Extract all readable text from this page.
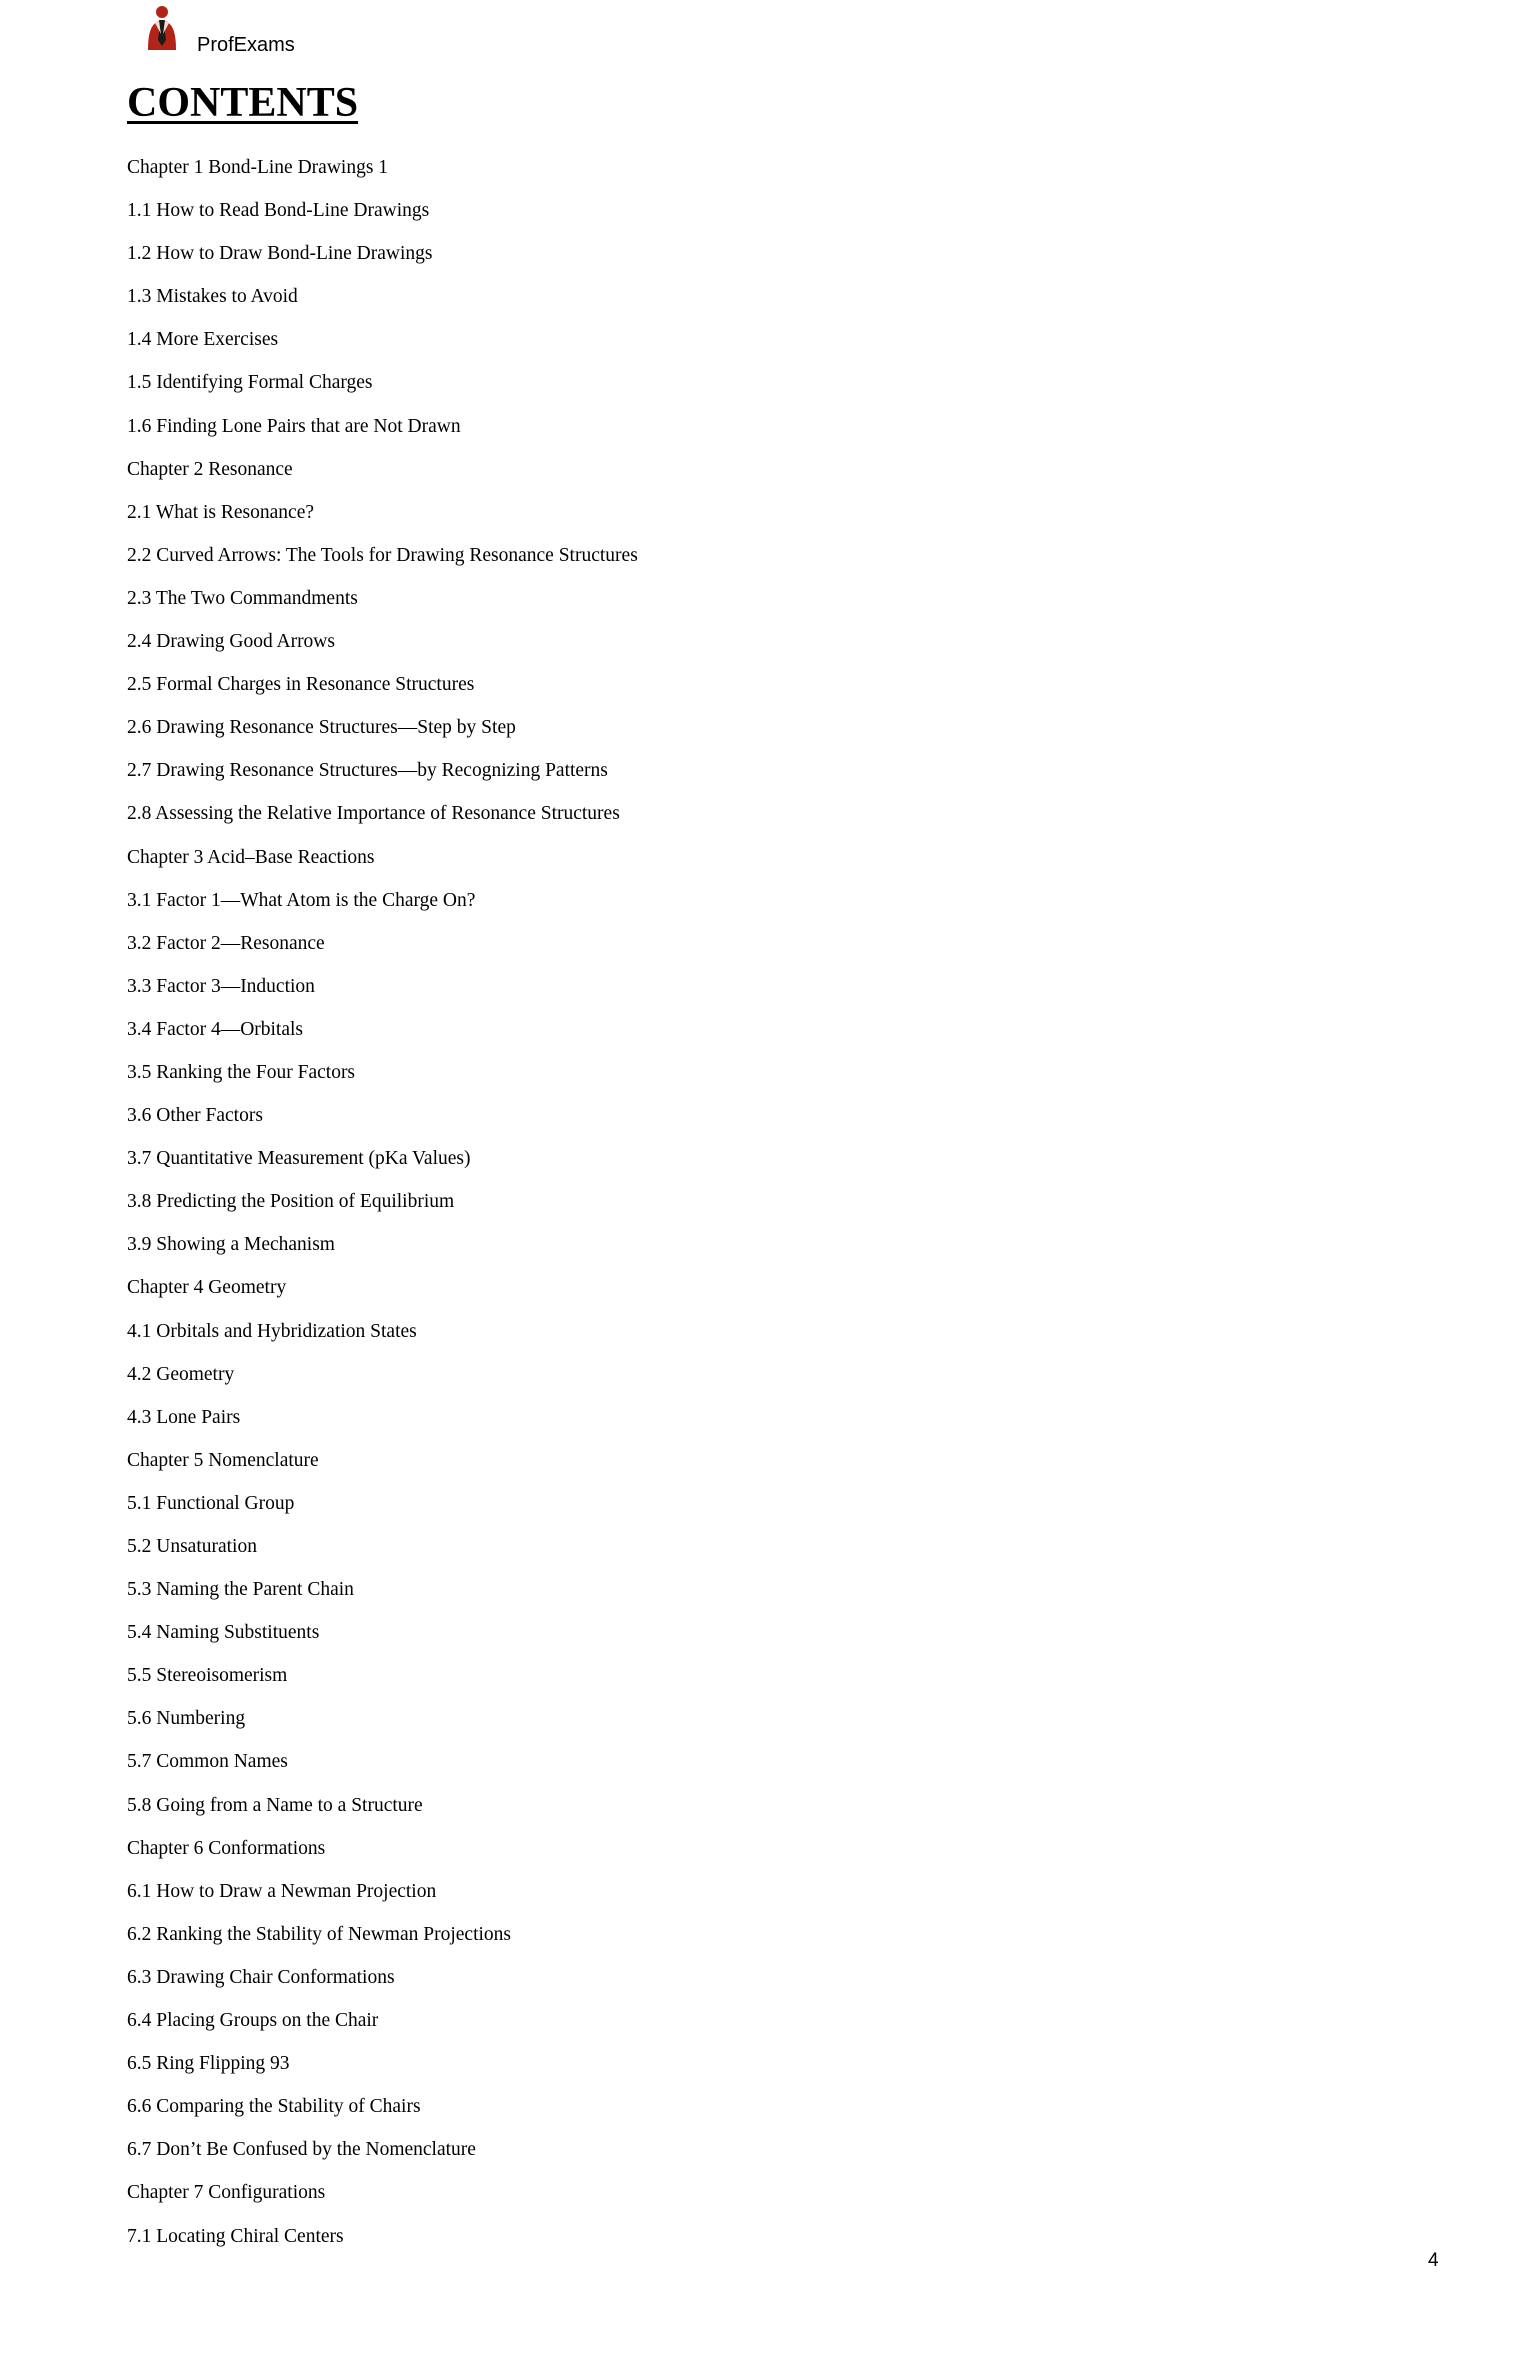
ProfExams
CONTENTS
Chapter 1 Bond-Line Drawings 1
1.1 How to Read Bond-Line Drawings
1.2 How to Draw Bond-Line Drawings
1.3 Mistakes to Avoid
1.4 More Exercises
1.5 Identifying Formal Charges
1.6 Finding Lone Pairs that are Not Drawn
Chapter 2 Resonance
2.1 What is Resonance?
2.2 Curved Arrows: The Tools for Drawing Resonance Structures
2.3 The Two Commandments
2.4 Drawing Good Arrows
2.5 Formal Charges in Resonance Structures
2.6 Drawing Resonance Structures—Step by Step
2.7 Drawing Resonance Structures—by Recognizing Patterns
2.8 Assessing the Relative Importance of Resonance Structures
Chapter 3 Acid–Base Reactions
3.1 Factor 1—What Atom is the Charge On?
3.2 Factor 2—Resonance
3.3 Factor 3—Induction
3.4 Factor 4—Orbitals
3.5 Ranking the Four Factors
3.6 Other Factors
3.7 Quantitative Measurement (pKa Values)
3.8 Predicting the Position of Equilibrium
3.9 Showing a Mechanism
Chapter 4 Geometry
4.1 Orbitals and Hybridization States
4.2 Geometry
4.3 Lone Pairs
Chapter 5 Nomenclature
5.1 Functional Group
5.2 Unsaturation
5.3 Naming the Parent Chain
5.4 Naming Substituents
5.5 Stereoisomerism
5.6 Numbering
5.7 Common Names
5.8 Going from a Name to a Structure
Chapter 6 Conformations
6.1 How to Draw a Newman Projection
6.2 Ranking the Stability of Newman Projections
6.3 Drawing Chair Conformations
6.4 Placing Groups on the Chair
6.5 Ring Flipping 93
6.6 Comparing the Stability of Chairs
6.7 Don’t Be Confused by the Nomenclature
Chapter 7 Configurations
7.1 Locating Chiral Centers
4
